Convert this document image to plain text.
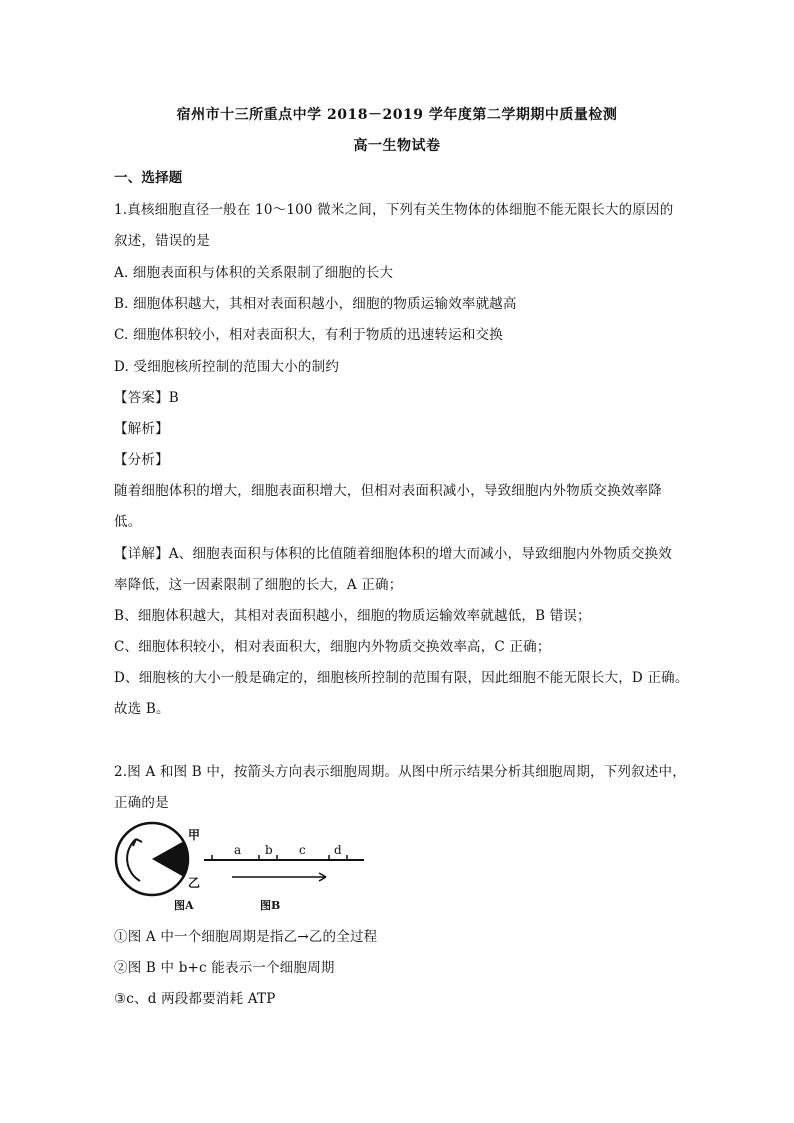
宿州市十三所重点中学 2018－2019 学年度第二学期期中质量检测
高一生物试卷
一、选择题
1.真核细胞直径一般在 10～100 微米之间，下列有关生物体的体细胞不能无限长大的原因的
叙述，错误的是
A. 细胞表面积与体积的关系限制了细胞的长大
B. 细胞体积越大，其相对表面积越小，细胞的物质运输效率就越高
C. 细胞体积较小，相对表面积大，有利于物质的迅速转运和交换
D. 受细胞核所控制的范围大小的制约
【答案】B
【解析】
【分析】
随着细胞体积的增大，细胞表面积增大，但相对表面积减小，导致细胞内外物质交换效率降
低。
【详解】A、细胞表面积与体积的比值随着细胞体积的增大而减小，导致细胞内外物质交换效
率降低，这一因素限制了细胞的长大，A 正确；
B、细胞体积越大，其相对表面积越小，细胞的物质运输效率就越低，B 错误；
C、细胞体积较小，相对表面积大，细胞内外物质交换效率高，C 正确；
D、细胞核的大小一般是确定的，细胞核所控制的范围有限，因此细胞不能无限长大，D 正确。
故选 B。
2.图 A 和图 B 中，按箭头方向表示细胞周期。从图中所示结果分析其细胞周期，下列叙述中，
正确的是
甲
乙
a b c d
图A	图B
①图 A 中一个细胞周期是指乙→乙的全过程
②图 B 中 b+c 能表示一个细胞周期
③c、d 两段都要消耗 ATP
